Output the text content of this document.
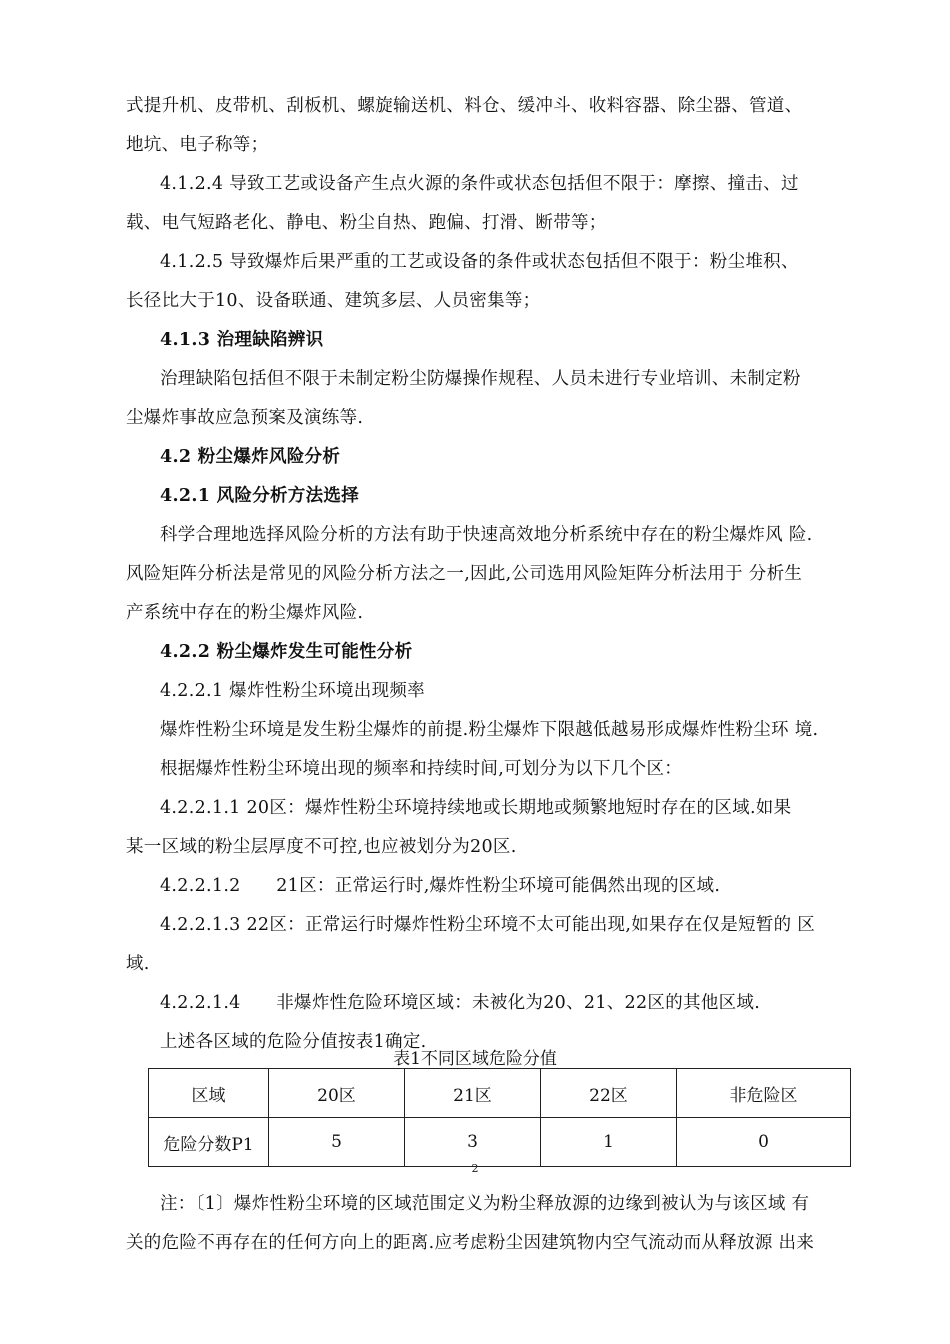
式提升机、皮带机、刮板机、螺旋输送机、料仓、缓冲斗、收料容器、除尘器、管道、
地坑、电子称等；
4.1.2.4 导致工艺或设备产生点火源的条件或状态包括但不限于：摩擦、撞击、过
载、电气短路老化、静电、粉尘自热、跑偏、打滑、断带等；
4.1.2.5 导致爆炸后果严重的工艺或设备的条件或状态包括但不限于：粉尘堆积、
长径比大于10、设备联通、建筑多层、人员密集等；
4.1.3 治理缺陷辨识
治理缺陷包括但不限于未制定粉尘防爆操作规程、人员未进行专业培训、未制定粉
尘爆炸事故应急预案及演练等.
4.2 粉尘爆炸风险分析
4.2.1 风险分析方法选择
科学合理地选择风险分析的方法有助于快速高效地分析系统中存在的粉尘爆炸风 险.
风险矩阵分析法是常见的风险分析方法之一,因此,公司选用风险矩阵分析法用于 分析生
产系统中存在的粉尘爆炸风险.
4.2.2 粉尘爆炸发生可能性分析
4.2.2.1 爆炸性粉尘环境出现频率
爆炸性粉尘环境是发生粉尘爆炸的前提.粉尘爆炸下限越低越易形成爆炸性粉尘环 境.
根据爆炸性粉尘环境出现的频率和持续时间,可划分为以下几个区：
4.2.2.1.1 20区：爆炸性粉尘环境持续地或长期地或频繁地短时存在的区域.如果
某一区域的粉尘层厚度不可控,也应被划分为20区.
4.2.2.1.2　　21区：正常运行时,爆炸性粉尘环境可能偶然出现的区域.
4.2.2.1.3 22区：正常运行时爆炸性粉尘环境不太可能出现,如果存在仅是短暂的 区
域.
4.2.2.1.4　　非爆炸性危险环境区域：未被化为20、21、22区的其他区域.
上述各区域的危险分值按表1确定.
表1不同区域危险分值
区域	20区	21区	22区	非危险区
危险分数P1	5	3	1	0
2
注：〔1〕爆炸性粉尘环境的区域范围定义为粉尘释放源的边缘到被认为与该区域 有
关的危险不再存在的任何方向上的距离.应考虑粉尘因建筑物内空气流动而从释放源 出来
